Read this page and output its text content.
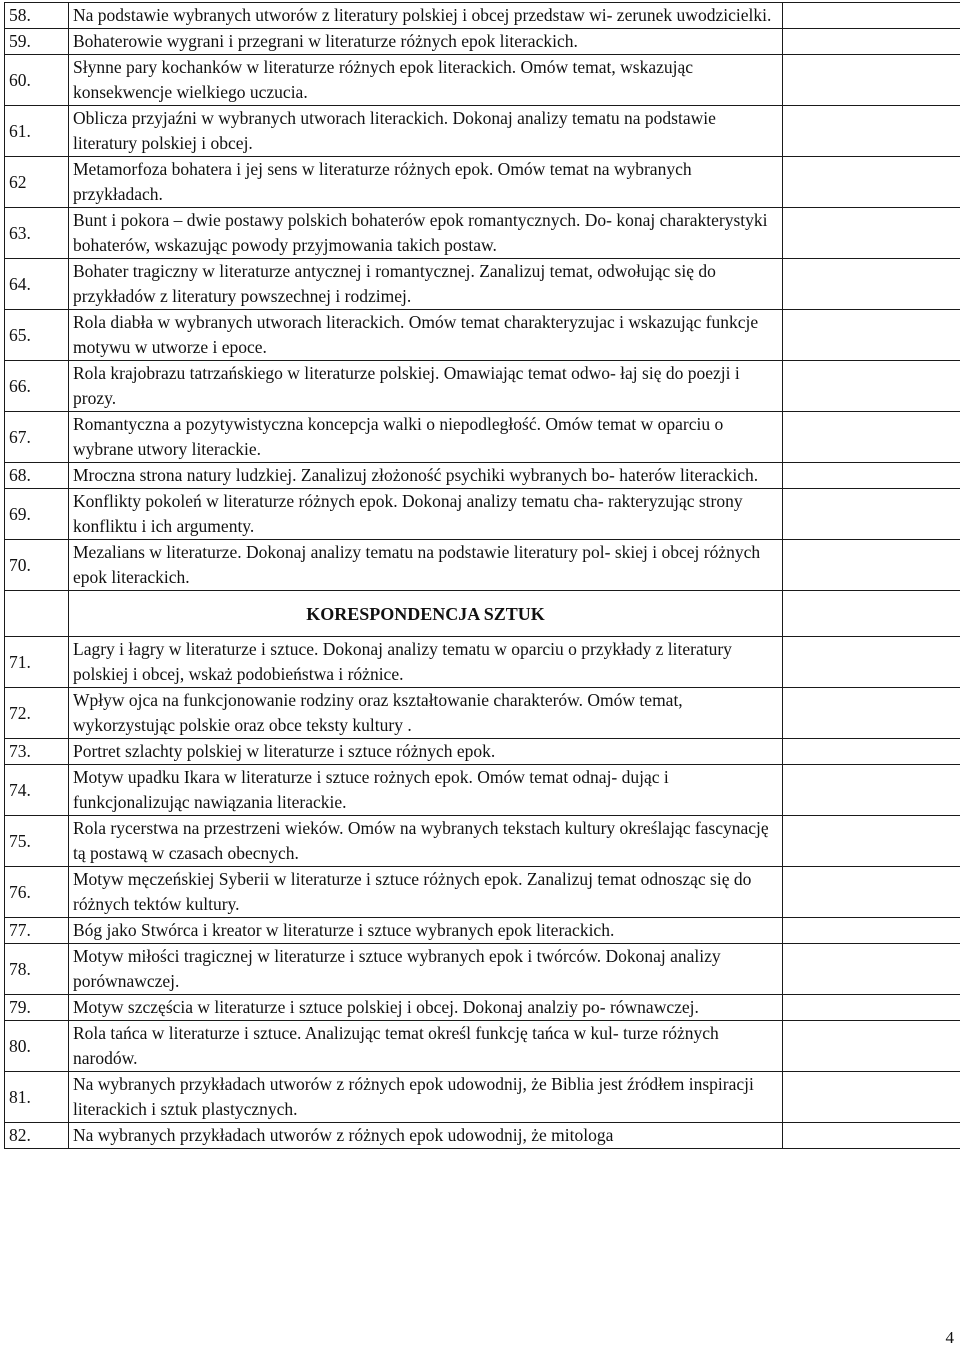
58.	Na podstawie wybranych utworów z literatury polskiej i obcej przedstaw wi- zerunek uwodzicielki.	
59.	Bohaterowie wygrani i przegrani w literaturze różnych epok literackich.	
60.	Słynne pary kochanków w literaturze różnych epok literackich. Omów temat, wskazując konsekwencje wielkiego uczucia.	
61.	Oblicza przyjaźni w wybranych utworach literackich. Dokonaj analizy tematu na podstawie literatury polskiej i obcej.	
62	Metamorfoza bohatera i jej sens w literaturze różnych epok. Omów temat na wybranych przykładach.	
63.	Bunt i pokora – dwie postawy polskich bohaterów epok romantycznych. Do- konaj charakterystyki bohaterów, wskazując powody przyjmowania takich postaw.	
64.	Bohater tragiczny w literaturze antycznej i romantycznej. Zanalizuj temat, odwołując się do przykładów z literatury powszechnej i rodzimej.	
65.	Rola diabła w wybranych utworach literackich. Omów temat charakteryzujac i wskazując funkcje motywu w utworze i epoce.	
66.	Rola krajobrazu tatrzańskiego w literaturze polskiej. Omawiając temat odwo- łaj się do poezji i prozy.	
67.	Romantyczna a pozytywistyczna koncepcja walki o niepodległość. Omów temat w oparciu o wybrane utwory literackie.	
68.	Mroczna strona natury ludzkiej. Zanalizuj złożoność psychiki wybranych bo- haterów literackich.	
69.	Konflikty pokoleń w literaturze różnych epok. Dokonaj analizy tematu cha- rakteryzując strony konfliktu i ich argumenty.	
70.	Mezalians w literaturze. Dokonaj analizy tematu na podstawie literatury pol- skiej i obcej różnych epok literackich.	
	KORESPONDENCJA SZTUK	
71.	Lagry i łagry w literaturze i sztuce. Dokonaj analizy tematu w oparciu o przykłady z literatury polskiej i obcej, wskaż podobieństwa i różnice.	
72.	Wpływ ojca na funkcjonowanie rodziny oraz kształtowanie charakterów. Omów temat, wykorzystując polskie oraz obce teksty kultury .	
73.	Portret szlachty polskiej w literaturze i sztuce różnych epok.	
74.	Motyw upadku Ikara w literaturze i sztuce rożnych epok. Omów temat odnaj- dując i funkcjonalizując nawiązania literackie.	
75.	Rola rycerstwa na przestrzeni wieków. Omów na wybranych tekstach kultury określając fascynację tą postawą w czasach obecnych.	
76.	Motyw męczeńskiej Syberii w literaturze i sztuce różnych epok. Zanalizuj temat odnosząc się do różnych tektów kultury.	
77.	Bóg jako Stwórca i kreator w literaturze i sztuce wybranych epok literackich.	
78.	Motyw miłości tragicznej w literaturze i sztuce wybranych epok i twórców. Dokonaj analizy porównawczej.	
79.	Motyw szczęścia w literaturze i sztuce polskiej i obcej. Dokonaj analziy po- równawczej.	
80.	Rola tańca w literaturze i sztuce. Analizując temat określ funkcję tańca w kul- turze różnych narodów.	
81.	Na wybranych przykładach utworów z różnych epok udowodnij, że Biblia jest źródłem inspiracji literackich i sztuk plastycznych.	
82.	Na wybranych przykładach utworów z różnych epok udowodnij, że mitologa	
4
